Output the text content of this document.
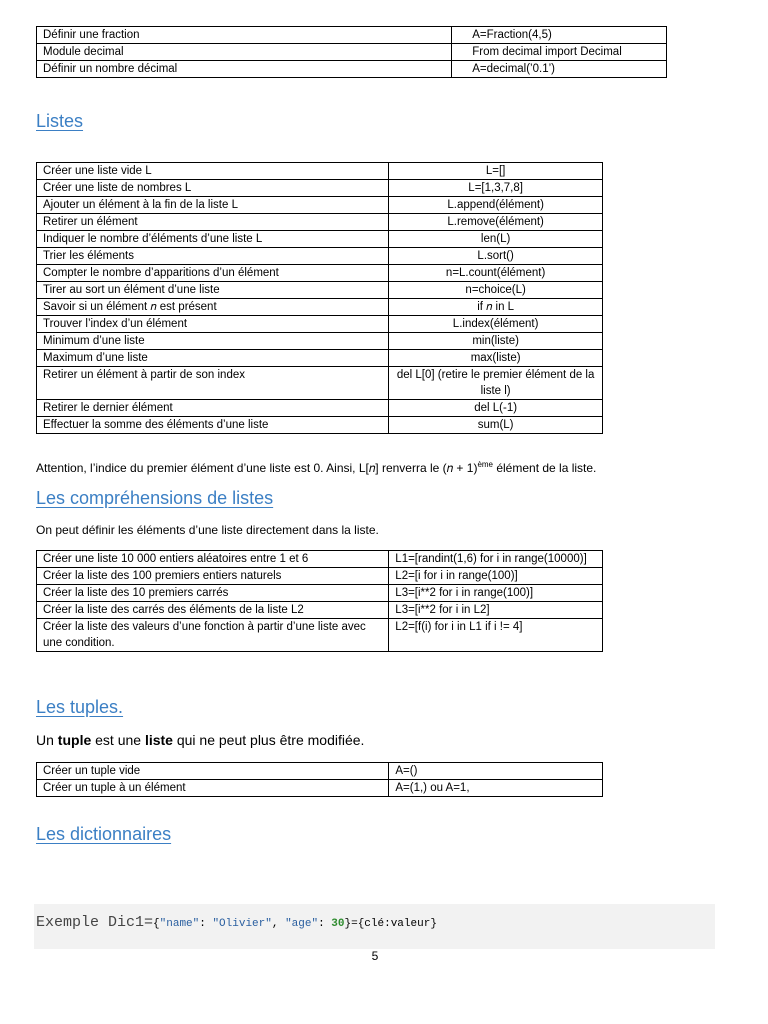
Définir une fraction	A=Fraction(4,5)
Module decimal	From decimal import Decimal
Définir un nombre décimal	A=decimal(’0.1’)
Listes
Créer une liste vide L	L=[]
Créer une liste de nombres L	L=[1,3,7,8]
Ajouter un élément à la fin de la liste L	L.append(élément)
Retirer un élément	L.remove(élément)
Indiquer le nombre d’éléments d’une liste L	len(L)
Trier les éléments	L.sort()
Compter le nombre d’apparitions d’un élément	n=L.count(élément)
Tirer au sort un élément d’une liste	n=choice(L)
Savoir si un élément 𝑛 est présent	if 𝑛 in L
Trouver l’index d’un élément	L.index(élément)
Minimum d’une liste	min(liste)
Maximum d’une liste	max(liste)
Retirer un élément à partir de son index	del L[0] (retire le premier élément de la liste l)
Retirer le dernier élément	del L(-1)
Effectuer la somme des éléments d’une liste	sum(L)

Attention, l’indice du premier élément d’une liste est 0. Ainsi, L[𝑛] renverra le (𝑛 + 1)$^{ème}$ élément de la liste.

Les compréhensions de listes

On peut définir les éléments d’une liste directement dans la liste.

Créer une liste 10 000 entiers aléatoires entre 1 et 6	L1=[randint(1,6) for i in range(10000)]
Créer la liste des 100 premiers entiers naturels	L2=[i for i in range(100)]
Créer la liste des 10 premiers carrés	L3=[i**2 for i in range(100)]
Créer la liste des carrés des éléments de la liste L2	L3=[i**2 for i in L2]
Créer la liste des valeurs d’une fonction à partir d’une liste avec une condition.	L2=[f(i) for i in L1 if i != 4]
Les tuples.

Un tuple est une liste qui ne peut plus être modifiée.

Créer un tuple vide	A=()
Créer un tuple à un élément	A=(1,) ou A=1,
Les dictionnaires
Exemple Dic1={"name": "Olivier", "age": 30}={clé:valeur}
5
